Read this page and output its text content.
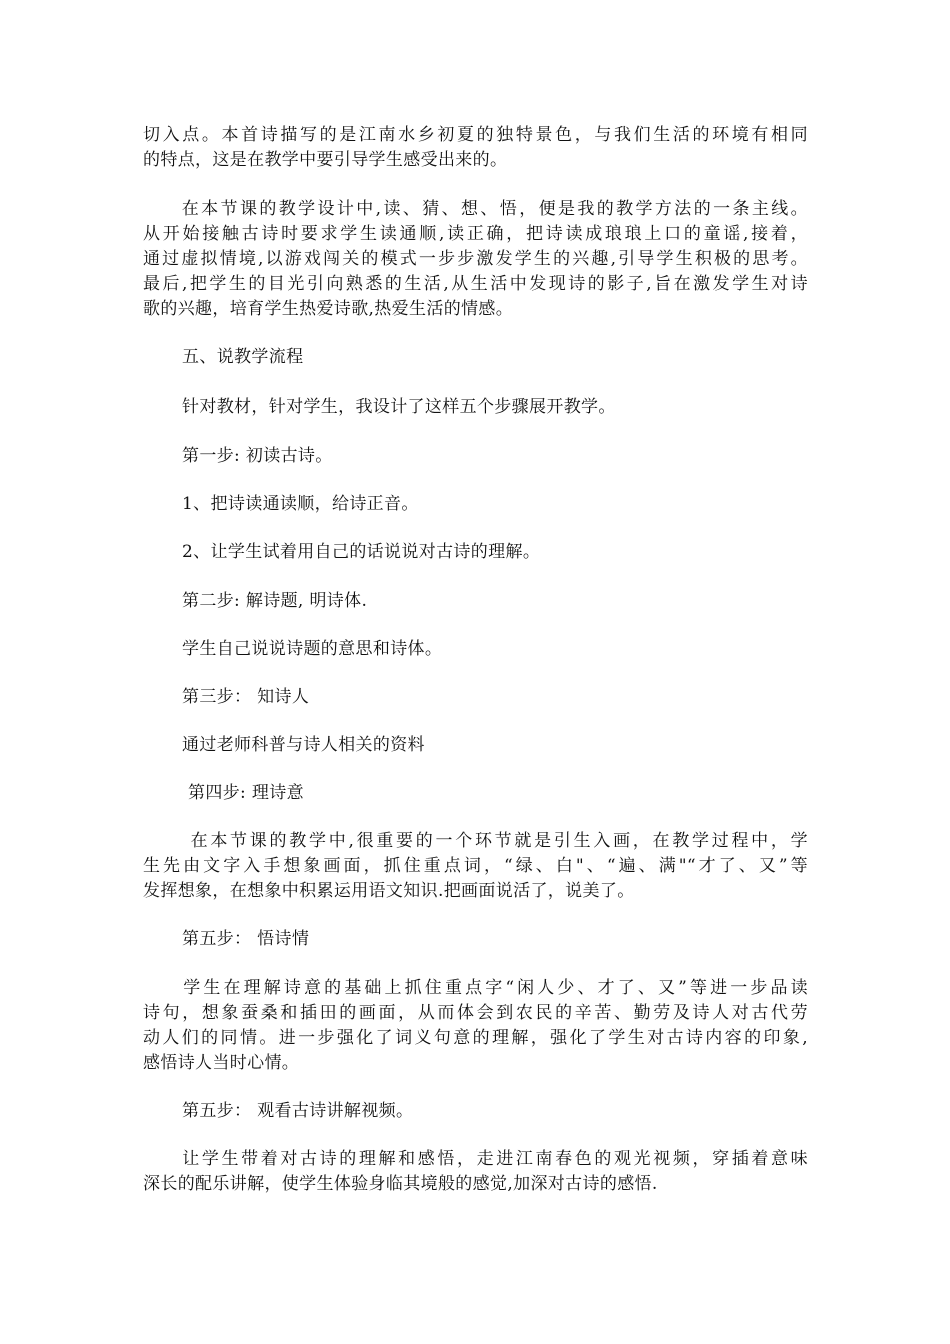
切入点。本首诗描写的是江南水乡初夏的独特景色，与我们生活的环境有相同
的特点，这是在教学中要引导学生感受出来的。
　　在本节课的教学设计中,读、猜、想、悟，便是我的教学方法的一条主线。
从开始接触古诗时要求学生读通顺,读正确，把诗读成琅琅上口的童谣,接着，
通过虚拟情境,以游戏闯关的模式一步步激发学生的兴趣,引导学生积极的思考。
最后,把学生的目光引向熟悉的生活,从生活中发现诗的影子,旨在激发学生对诗
歌的兴趣，培育学生热爱诗歌,热爱生活的情感。

五、说教学流程

针对教材，针对学生，我设计了这样五个步骤展开教学。

第一步: 初读古诗。

1、把诗读通读顺，给诗正音。

2、让学生试着用自己的话说说对古诗的理解。

第二步: 解诗题, 明诗体.

学生自己说说诗题的意思和诗体。

第三步： 知诗人

通过老师科普与诗人相关的资料

第四步: 理诗意

　　 在本节课的教学中,很重要的一个环节就是引生入画，在教学过程中，学
生先由文字入手想象画面，抓住重点词，“绿、白"、“遍、满"“才了、又”等
发挥想象，在想象中积累运用语文知识.把画面说活了，说美了。

第五步： 悟诗情

　　学生在理解诗意的基础上抓住重点字“闲人少、才了、又”等进一步品读
诗句，想象蚕桑和插田的画面，从而体会到农民的辛苦、勤劳及诗人对古代劳
动人们的同情。进一步强化了词义句意的理解，强化了学生对古诗内容的印象,
感悟诗人当时心情。

第五步： 观看古诗讲解视频。

　　让学生带着对古诗的理解和感悟，走进江南春色的观光视频，穿插着意味
深长的配乐讲解，使学生体验身临其境般的感觉,加深对古诗的感悟.
